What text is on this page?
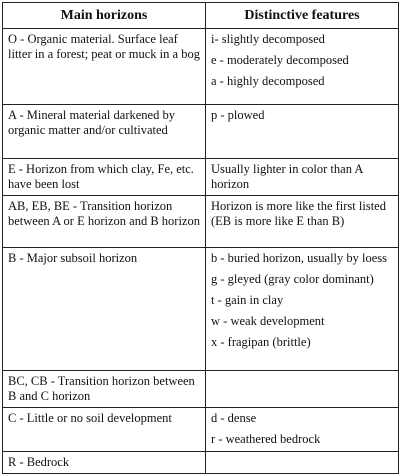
Main horizons	Distinctive features
O - Organic material. Surface leaf litter in a forest; peat or muck in a bog	i- slightly decomposed
e - moderately decomposed
a - highly decomposed

A - Mineral material darkened by organic matter and/or cultivated	p - plowed

E - Horizon from which clay, Fe, etc. have been lost	Usually lighter in color than A horizon

AB, EB, BE - Transition horizon between A or E horizon and B horizon	Horizon is more like the first listed (EB is more like E than B)

B - Major subsoil horizon	b - buried horizon, usually by loess
g - gleyed (gray color dominant)
t - gain in clay
w - weak development
x - fragipan (brittle)

BC, CB - Transition horizon between B and C horizon	
C - Little or no soil development	d - dense
r - weathered bedrock

R - Bedrock	
